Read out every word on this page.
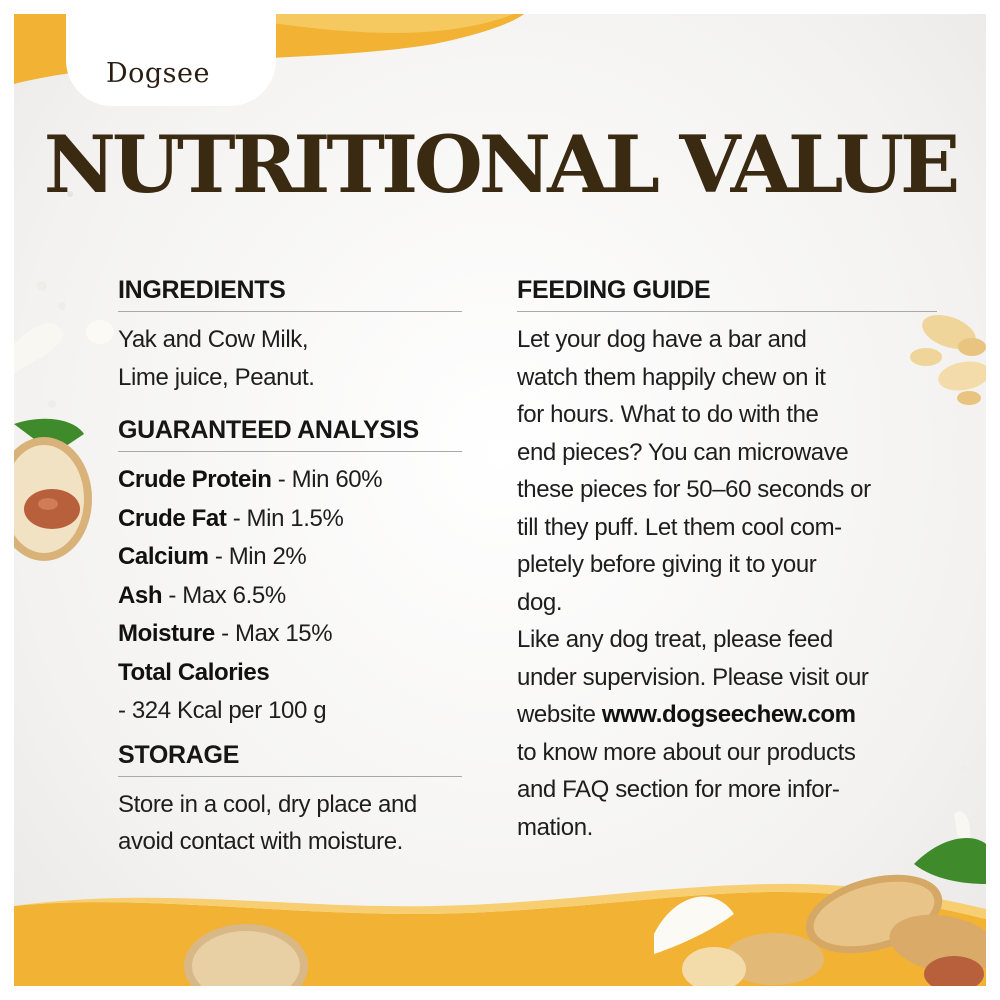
Dogsee
NUTRITIONAL VALUE
INGREDIENTS
Yak and Cow Milk,
Lime juice, Peanut.
GUARANTEED ANALYSIS
Crude Protein - Min 60%
Crude Fat - Min 1.5%
Calcium - Min 2%
Ash - Max 6.5%
Moisture - Max 15%
Total Calories
- 324 Kcal per 100 g
STORAGE
Store in a cool, dry place and
avoid contact with moisture.
FEEDING GUIDE
Let your dog have a bar and
watch them happily chew on it
for hours. What to do with the
end pieces? You can microwave
these pieces for 50–60 seconds or
till they puff. Let them cool com-
pletely before giving it to your
dog.
Like any dog treat, please feed
under supervision. Please visit our
website www.dogseechew.com
to know more about our products
and FAQ section for more infor-
mation.
